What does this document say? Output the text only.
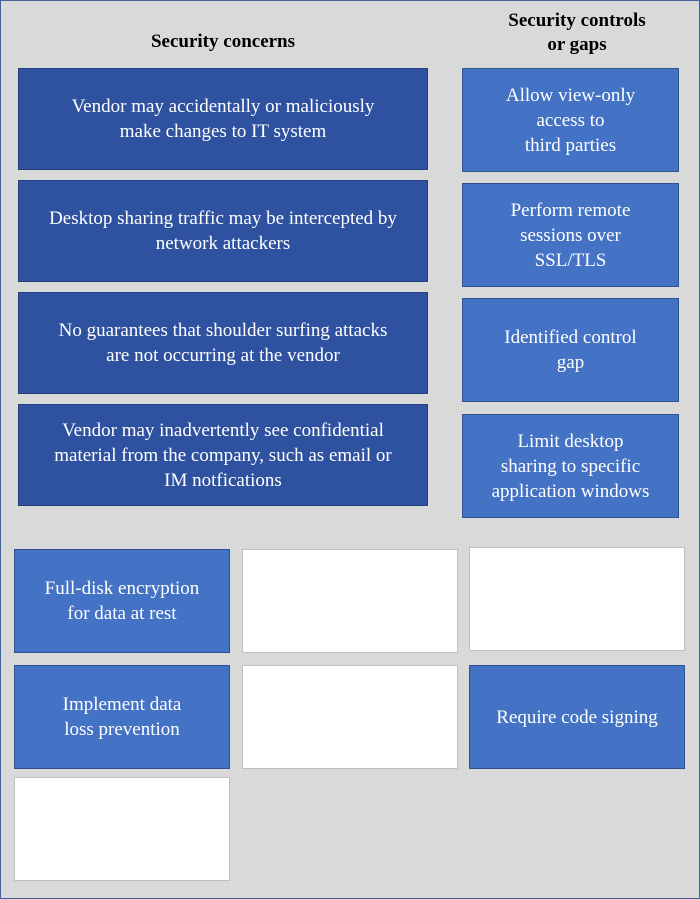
Security concerns
Security controls
or gaps
Vendor may accidentally or maliciously
make changes to IT system
Desktop sharing traffic may be intercepted by
network attackers
No guarantees that shoulder surfing attacks
are not occurring at the vendor
Vendor may inadvertently see confidential
material from the company, such as email or
IM notfications
Allow view-only
access to
third parties
Perform remote
sessions over
SSL/TLS
Identified control
gap
Limit desktop
sharing to specific
application windows
Full-disk encryption
for data at rest
Implement data
loss prevention
Require code signing
